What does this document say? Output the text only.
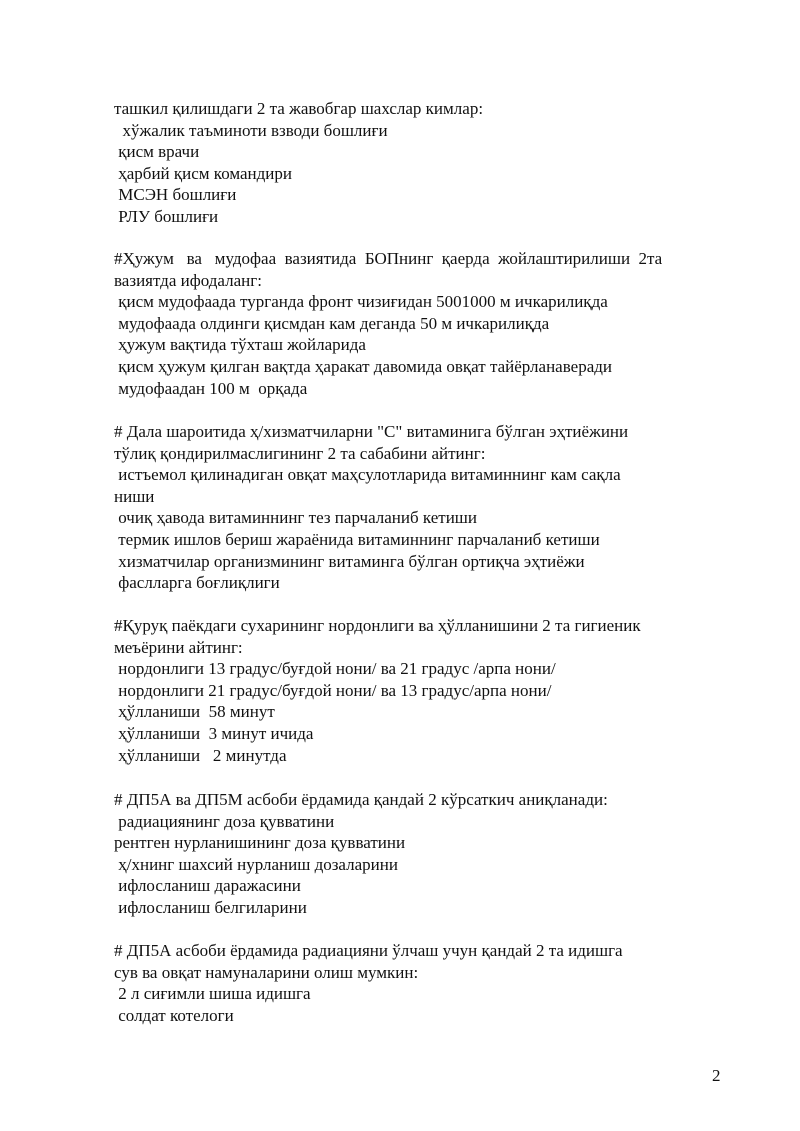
ташкил қилишдаги 2 та жавобгар шахслар кимлар:
хўжалик таъминоти взводи бошлиғи
қисм врачи
ҳарбий қисм командири
МСЭН бошлиғи
РЛУ бошлиғи
#Ҳужум   ва   мудофаа  вазиятида  БОПнинг  қаерда  жойлаштирилиши  2та
вазиятда ифодаланг:
қисм мудофаада турганда фронт чизиғидан 5001000 м ичкарилиқда
мудофаада олдинги қисмдан кам деганда 50 м ичкарилиқда
ҳужум вақтида тўхташ жойларида
қисм ҳужум қилган вақтда ҳаракат давомида овқат тайёрланаверади
мудофаадан 100 м  орқада
# Дала шароитида ҳ/хизматчиларни "С" витаминига бўлган эҳтиёжини
тўлиқ қондирилмаслигининг 2 та сабабини айтинг:
истъемол қилинадиган овқат маҳсулотларида витаминнинг кам сақла
ниши
очиқ ҳавода витаминнинг тез парчаланиб кетиши
термик ишлов бериш жараёнида витаминнинг парчаланиб кетиши
хизматчилар организмининг витаминга бўлган ортиқча эҳтиёжи
фаслларга боғлиқлиги
#Қуруқ паёкдаги сухарининг нордонлиги ва ҳўлланишини 2 та гигиеник
меъёрини айтинг:
нордонлиги 13 градус/буғдой нони/ ва 21 градус /арпа нони/
нордонлиги 21 градус/буғдой нони/ ва 13 градус/арпа нони/
ҳўлланиши  58 минут
ҳўлланиши  3 минут ичида
ҳўлланиши   2 минутда
# ДП5А ва ДП5М асбоби ёрдамида қандай 2 кўрсаткич аниқланади:
радиациянинг доза қувватини
рентген нурланишининг доза қувватини
ҳ/хнинг шахсий нурланиш дозаларини
ифлосланиш даражасини
ифлосланиш белгиларини
# ДП5А асбоби ёрдамида радиацияни ўлчаш учун қандай 2 та идишга
сув ва овқат намуналарини олиш мумкин:
2 л сиғимли шиша идишга
солдат котелоги
2
